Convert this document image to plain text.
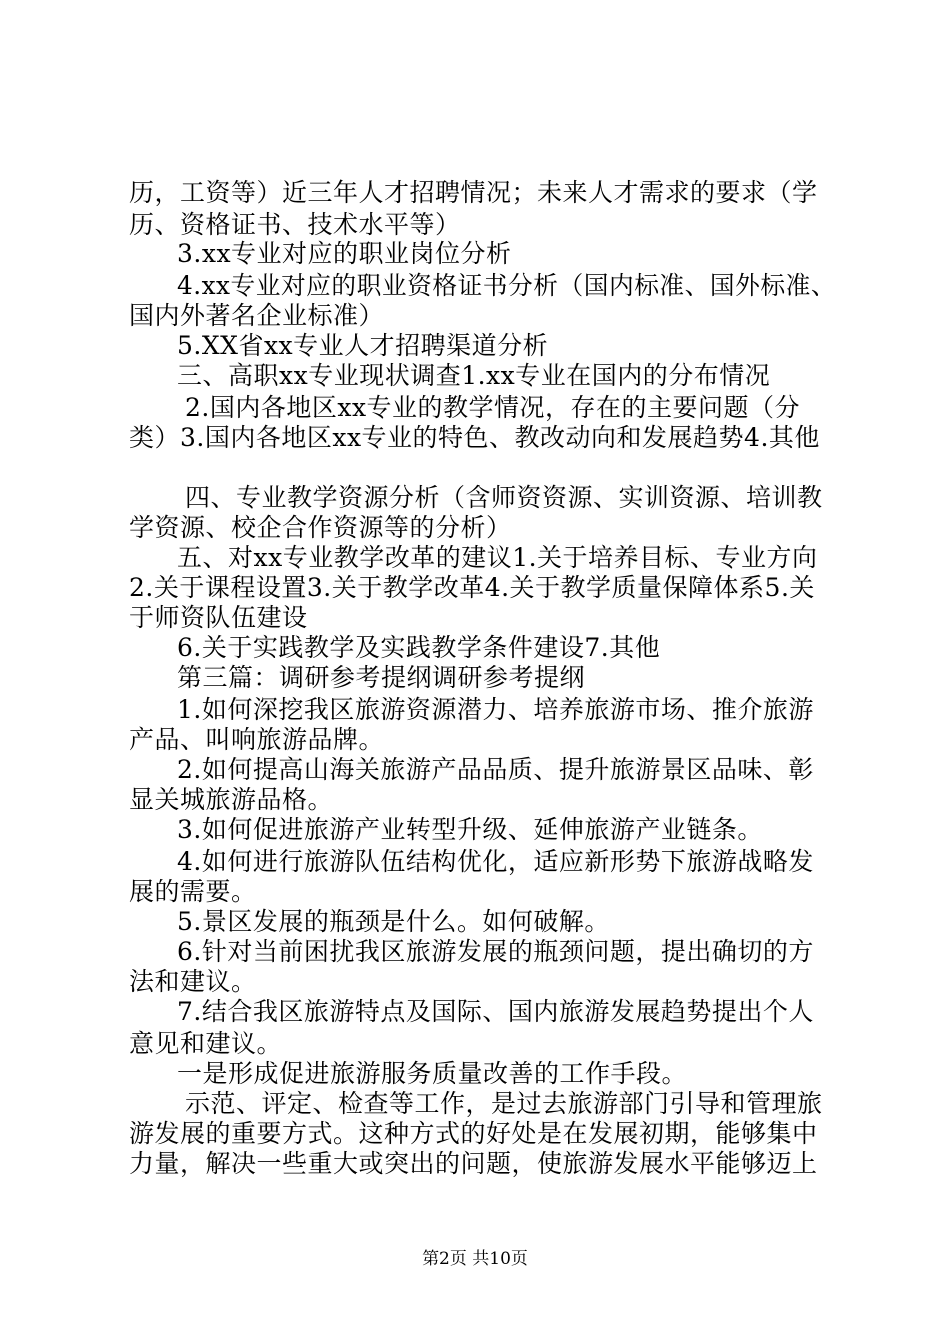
历，工资等）近三年人才招聘情况；未来人才需求的要求（学
历、资格证书、技术水平等）
3.xx专业对应的职业岗位分析
4.xx专业对应的职业资格证书分析（国内标准、国外标准、
国内外著名企业标准）
5.XX省xx专业人才招聘渠道分析
三、高职xx专业现状调查1.xx专业在国内的分布情况
2.国内各地区xx专业的教学情况，存在的主要问题（分
类）3.国内各地区xx专业的特色、教改动向和发展趋势4.其他
四、专业教学资源分析（含师资资源、实训资源、培训教
学资源、校企合作资源等的分析）
五、对xx专业教学改革的建议1.关于培养目标、专业方向
2.关于课程设置3.关于教学改革4.关于教学质量保障体系5.关
于师资队伍建设
6.关于实践教学及实践教学条件建设7.其他
第三篇：调研参考提纲调研参考提纲
1.如何深挖我区旅游资源潜力、培养旅游市场、推介旅游
产品、叫响旅游品牌。
2.如何提高山海关旅游产品品质、提升旅游景区品味、彰
显关城旅游品格。
3.如何促进旅游产业转型升级、延伸旅游产业链条。
4.如何进行旅游队伍结构优化，适应新形势下旅游战略发
展的需要。
5.景区发展的瓶颈是什么。如何破解。
6.针对当前困扰我区旅游发展的瓶颈问题，提出确切的方
法和建议。
7.结合我区旅游特点及国际、国内旅游发展趋势提出个人
意见和建议。
一是形成促进旅游服务质量改善的工作手段。
示范、评定、检查等工作，是过去旅游部门引导和管理旅
游发展的重要方式。这种方式的好处是在发展初期，能够集中
力量，解决一些重大或突出的问题，使旅游发展水平能够迈上
第2页 共10页
